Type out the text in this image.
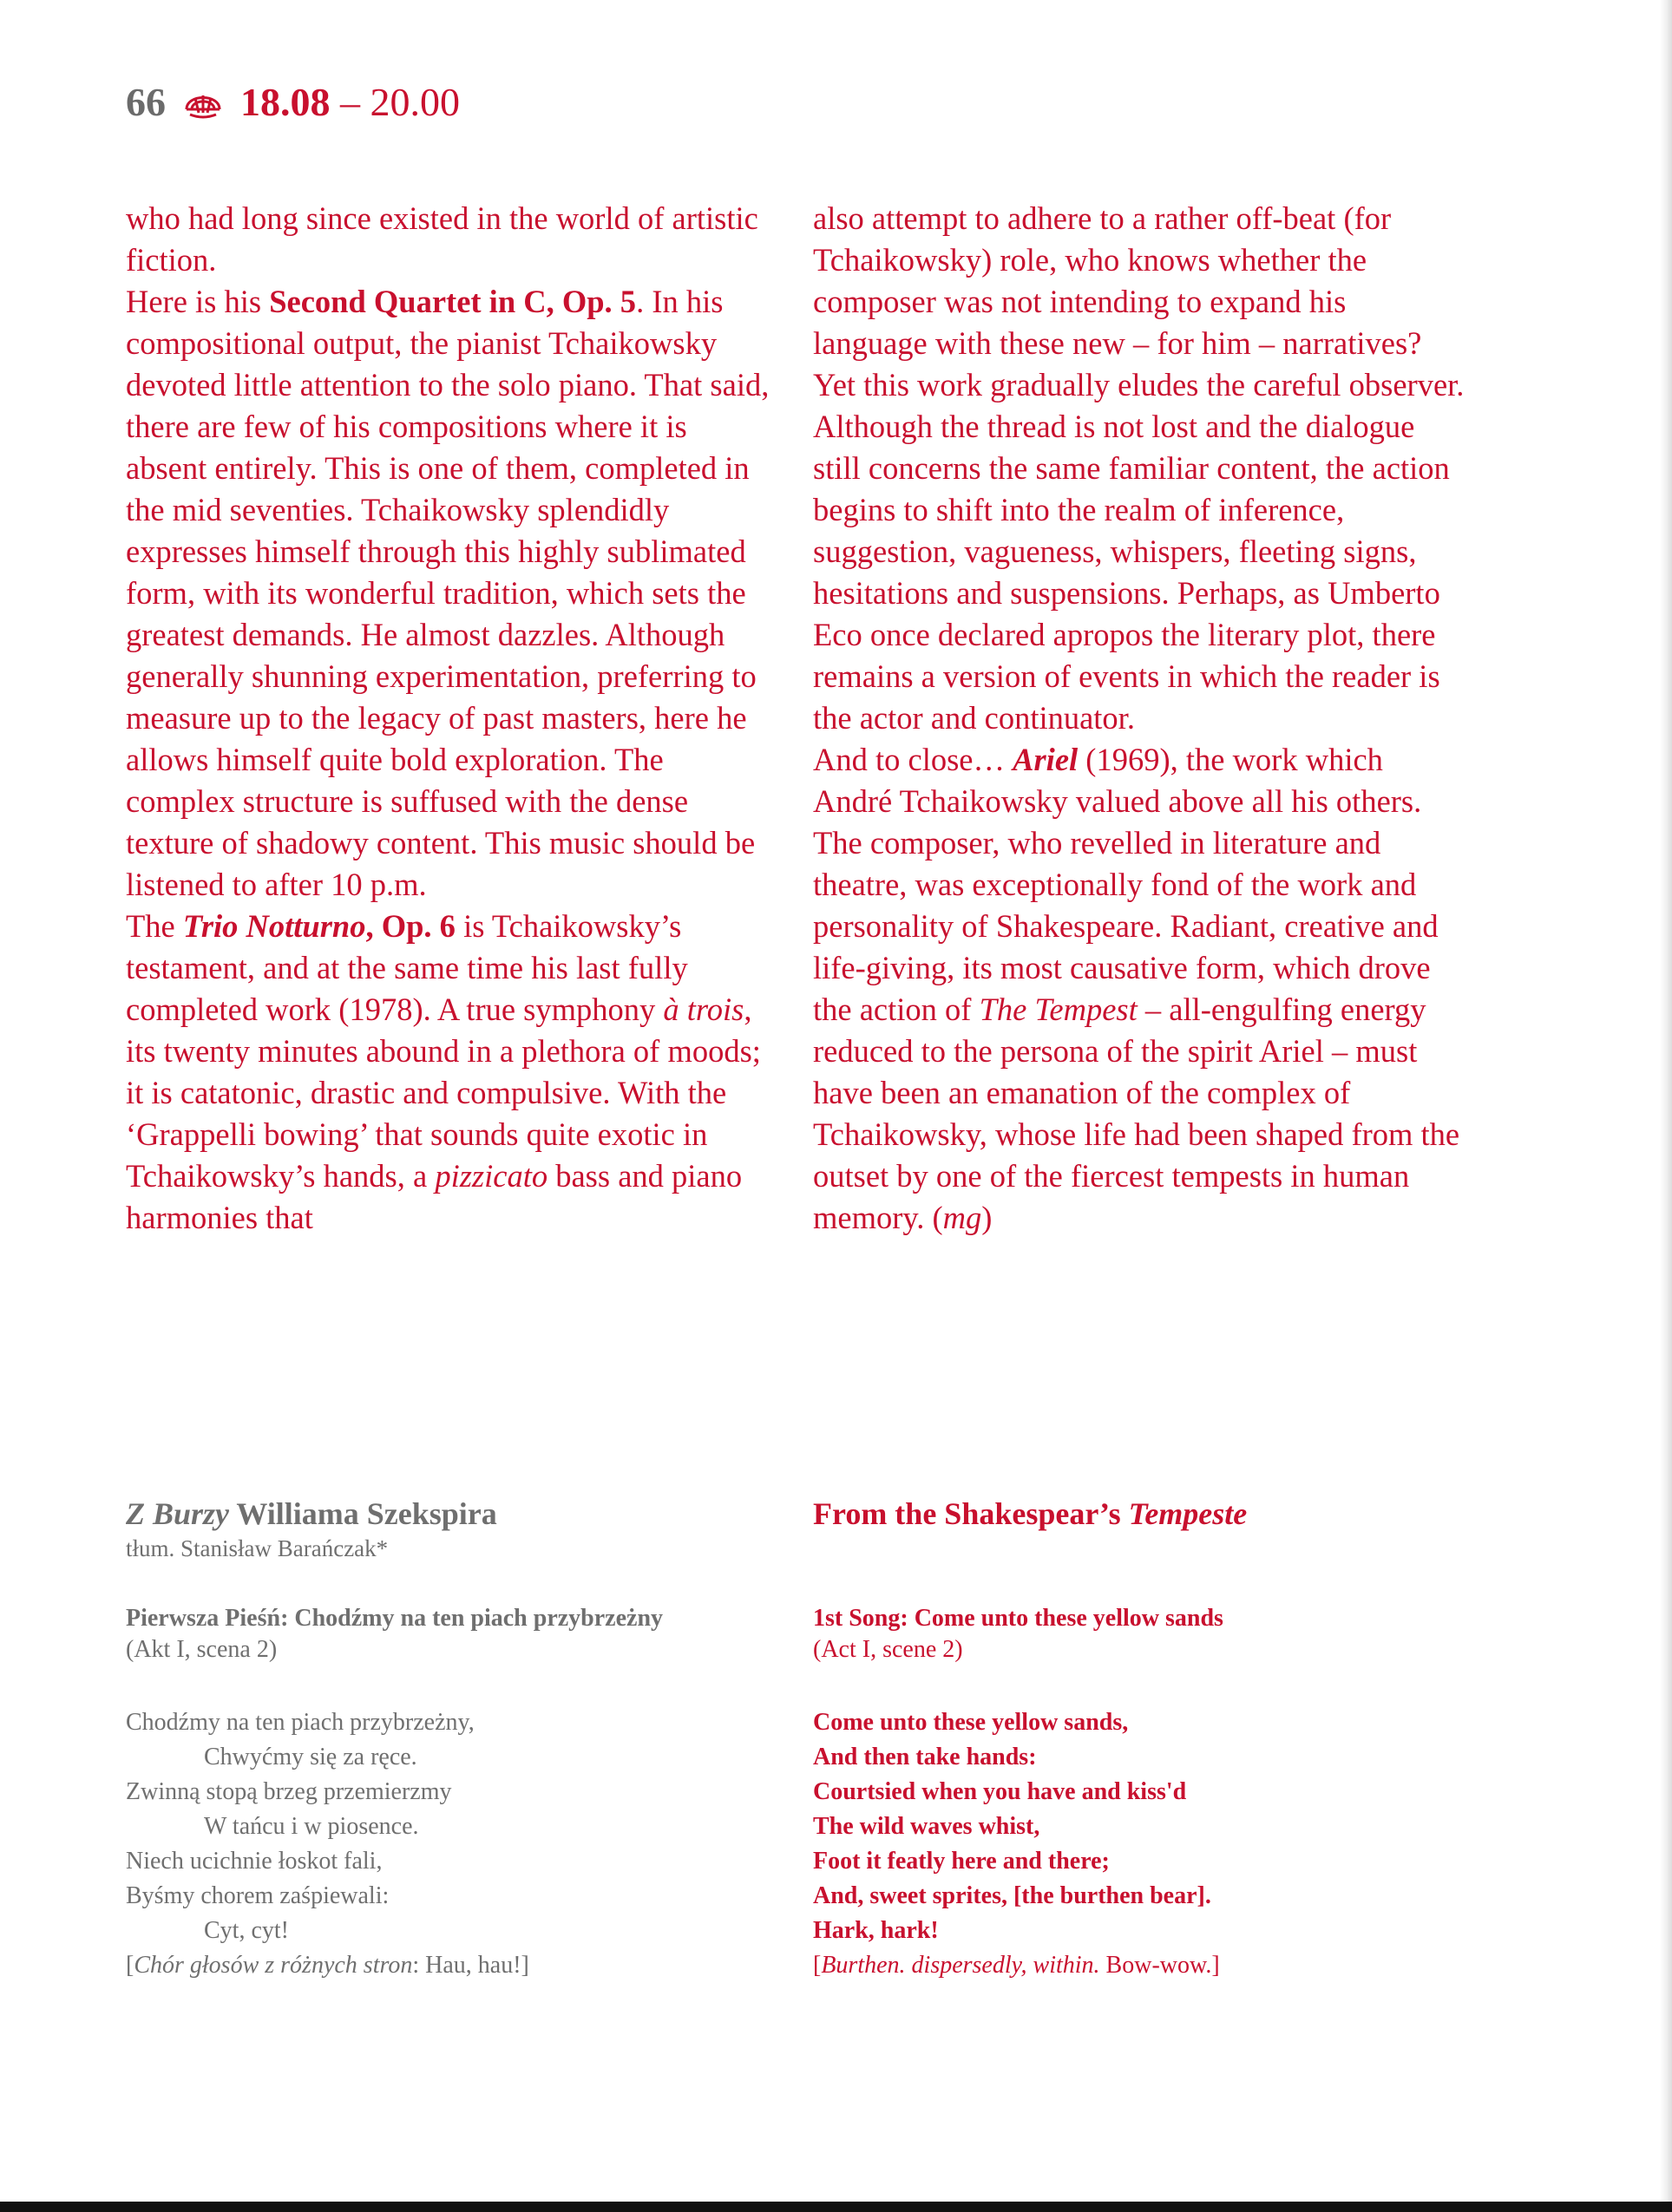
66 18.08 – 20.00

who had long since existed in the world of artistic fiction.

Here is his Second Quartet in C, Op. 5. In his compositional output, the pianist Tchaikowsky devoted little attention to the solo piano. That said, there are few of his compositions where it is absent entirely. This is one of them, completed in the mid seventies. Tchaikowsky splendidly expresses himself through this highly sublimated form, with its wonderful tradition, which sets the greatest demands. He almost dazzles. Although generally shunning experimentation, preferring to measure up to the legacy of past masters, here he allows himself quite bold exploration. The complex structure is suffused with the dense texture of shadowy content. This music should be listened to after 10 p.m.

The Trio Notturno, Op. 6 is Tchaikowsky’s testament, and at the same time his last fully completed work (1978). A true symphony à trois, its twenty minutes abound in a plethora of moods; it is catatonic, drastic and compulsive. With the ‘Grappelli bowing’ that sounds quite exotic in Tchaikowsky’s hands, a pizzicato bass and piano harmonies that

also attempt to adhere to a rather off-beat (for Tchaikowsky) role, who knows whether the composer was not intending to expand his language with these new – for him – narratives? Yet this work gradually eludes the careful observer. Although the thread is not lost and the dialogue still concerns the same familiar content, the action begins to shift into the realm of inference, suggestion, vagueness, whispers, fleeting signs, hesitations and suspensions. Perhaps, as Umberto Eco once declared apropos the literary plot, there remains a version of events in which the reader is the actor and continuator.

And to close… Ariel (1969), the work which André Tchaikowsky valued above all his others. The composer, who revelled in literature and theatre, was exceptionally fond of the work and personality of Shakespeare. Radiant, creative and life-giving, its most causative form, which drove the action of The Tempest – all-engulfing energy reduced to the persona of the spirit Ariel – must have been an emanation of the complex of Tchaikowsky, whose life had been shaped from the outset by one of the fiercest tempests in human memory. (mg)

Z Burzy Williama Szekspira

tłum. Stanisław Barańczak*

Pierwsza Pieśń: Chodźmy na ten piach przybrzeżny

(Akt I, scena 2)

Chodźmy na ten piach przybrzeżny,
Chwyćmy się za ręce.
Zwinną stopą brzeg przemierzmy
W tańcu i w piosence.
Niech ucichnie łoskot fali,
Byśmy chorem zaśpiewali:
Cyt, cyt!
[Chór głosów z różnych stron: Hau, hau!]

From the Shakespear’s Tempeste

1st Song: Come unto these yellow sands

(Act I, scene 2)

Come unto these yellow sands,
And then take hands:
Courtsied when you have and kiss'd
The wild waves whist,
Foot it featly here and there;
And, sweet sprites, [the burthen bear].
Hark, hark!
[Burthen. dispersedly, within. Bow-wow.]
